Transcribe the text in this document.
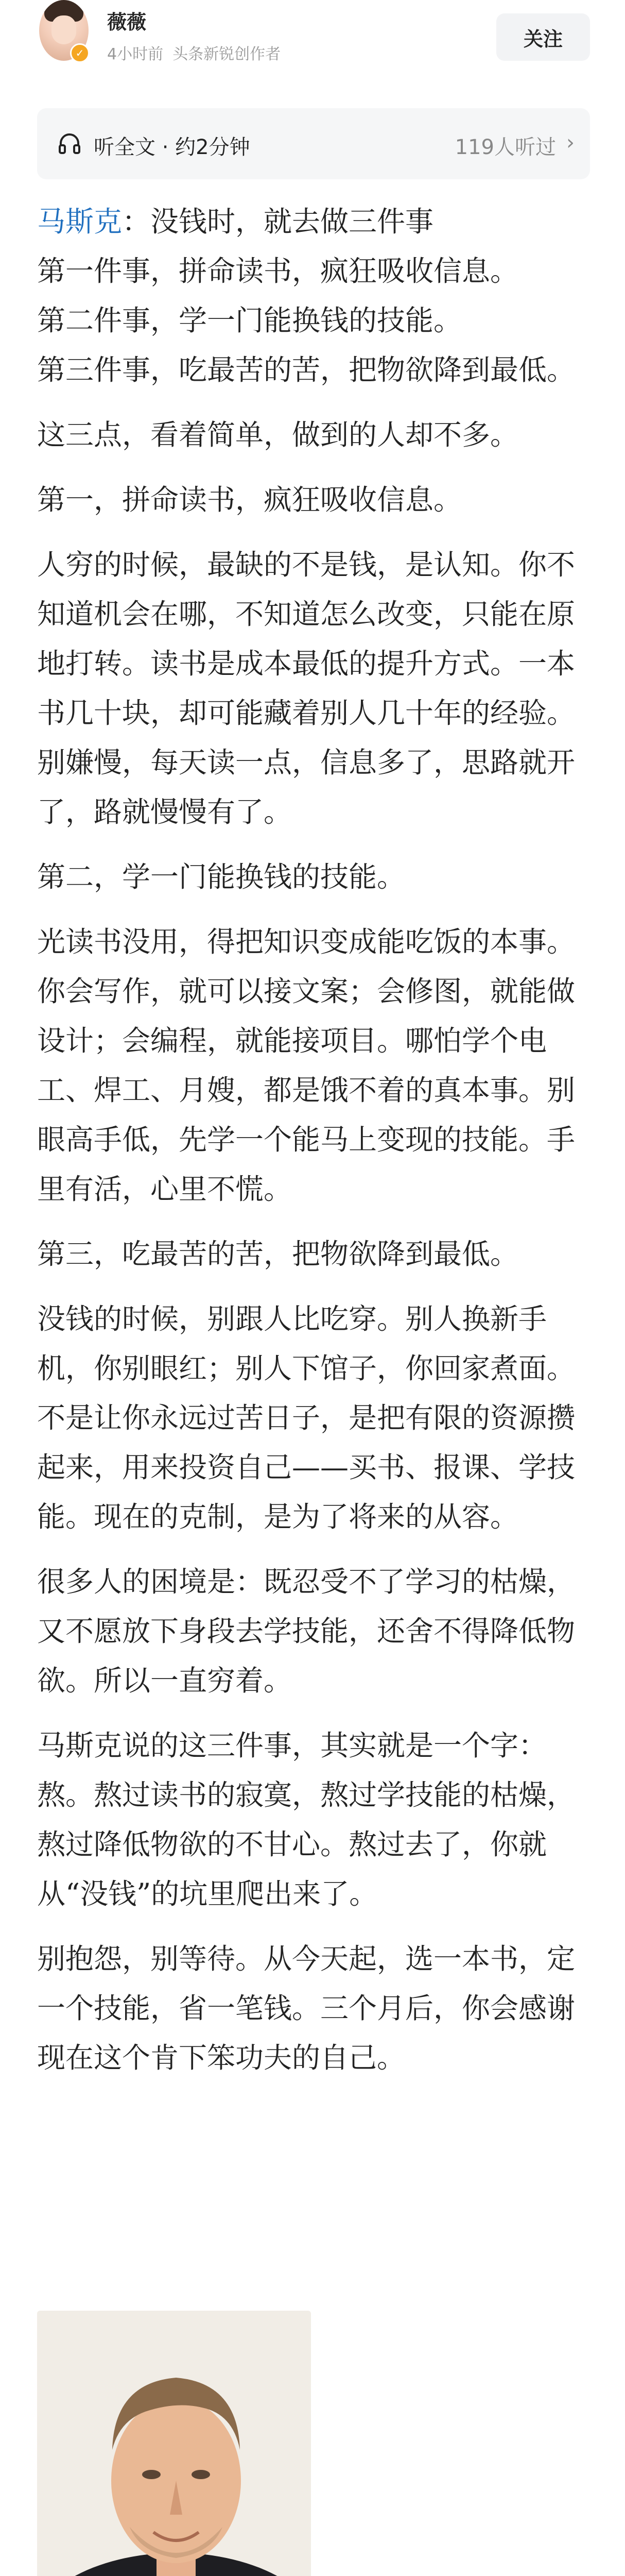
✓
薇薇
4小时前 头条新锐创作者
关注
听全文 · 约2分钟	119人听过 ›

马斯克：没钱时，就去做三件事
第一件事，拼命读书，疯狂吸收信息。
第二件事，学一门能换钱的技能。
第三件事，吃最苦的苦，把物欲降到最低。

这三点，看着简单，做到的人却不多。

第一，拼命读书，疯狂吸收信息。

人穷的时候，最缺的不是钱，是认知。你不知道机会在哪，不知道怎么改变，只能在原地打转。读书是成本最低的提升方式。一本书几十块，却可能藏着别人几十年的经验。别嫌慢，每天读一点，信息多了，思路就开了，路就慢慢有了。

第二，学一门能换钱的技能。

光读书没用，得把知识变成能吃饭的本事。你会写作，就可以接文案；会修图，就能做设计；会编程，就能接项目。哪怕学个电工、焊工、月嫂，都是饿不着的真本事。别眼高手低，先学一个能马上变现的技能。手里有活，心里不慌。

第三，吃最苦的苦，把物欲降到最低。

没钱的时候，别跟人比吃穿。别人换新手机，你别眼红；别人下馆子，你回家煮面。不是让你永远过苦日子，是把有限的资源攒起来，用来投资自己——买书、报课、学技能。现在的克制，是为了将来的从容。

很多人的困境是：既忍受不了学习的枯燥，又不愿放下身段去学技能，还舍不得降低物欲。所以一直穷着。

马斯克说的这三件事，其实就是一个字：熬。熬过读书的寂寞，熬过学技能的枯燥，熬过降低物欲的不甘心。熬过去了，你就从“没钱”的坑里爬出来了。

别抱怨，别等待。从今天起，选一本书，定一个技能，省一笔钱。三个月后，你会感谢现在这个肯下笨功夫的自己。
